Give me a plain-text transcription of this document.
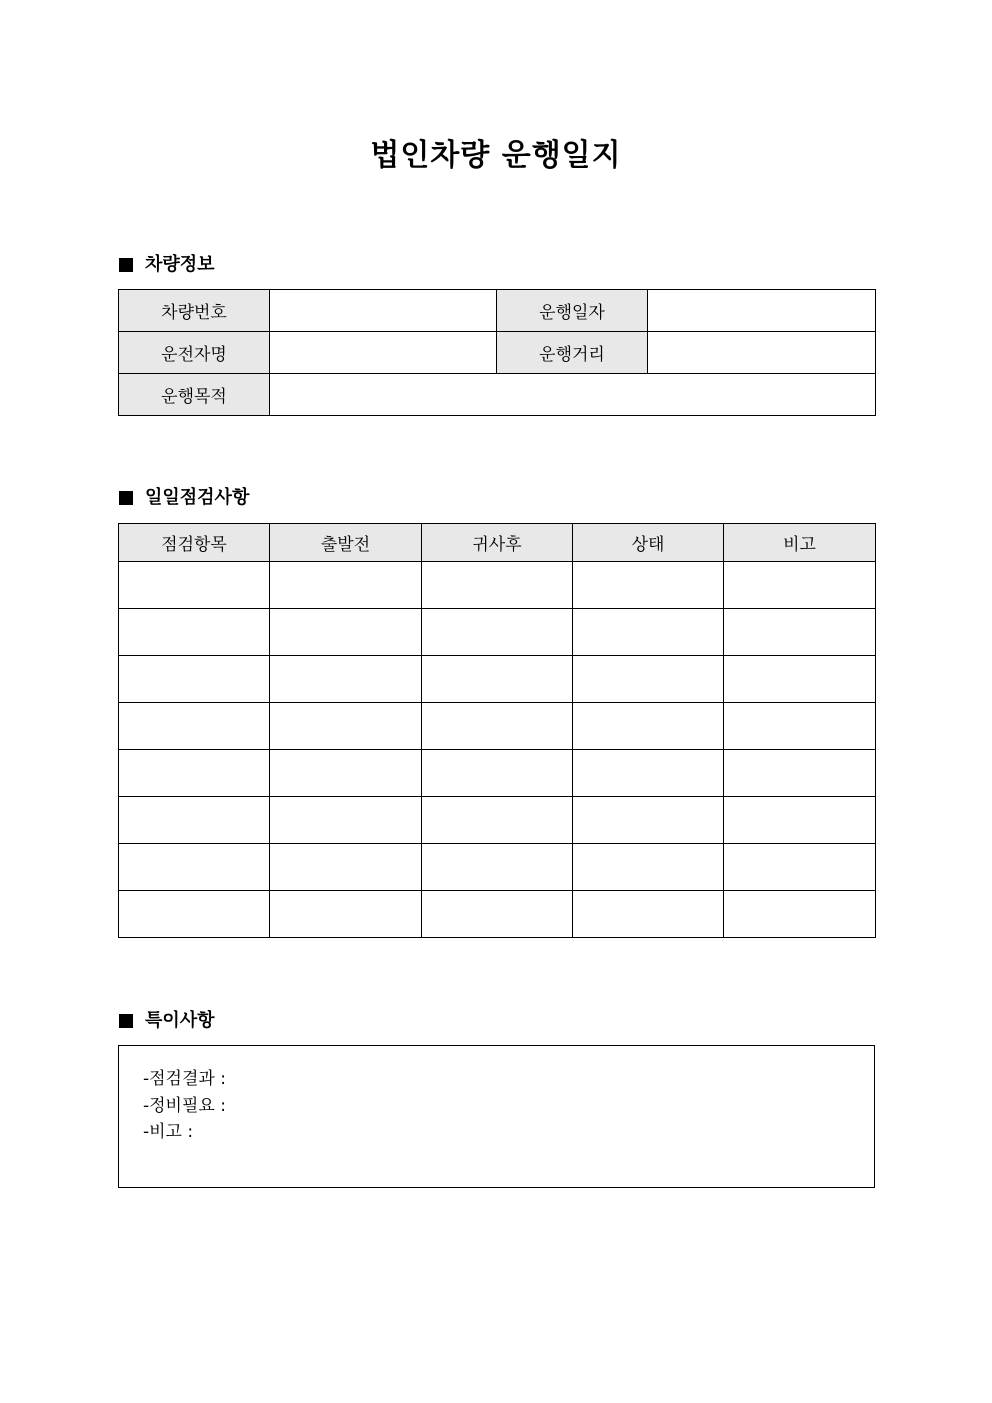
법인차량 운행일지
차량정보
차량번호		운행일자	
운전자명		운행거리	
운행목적			
일일점검사항
점검항목	출발전	귀사후	상태	비고

특이사항
-점검결과 :
-정비필요 :
-비고 :
